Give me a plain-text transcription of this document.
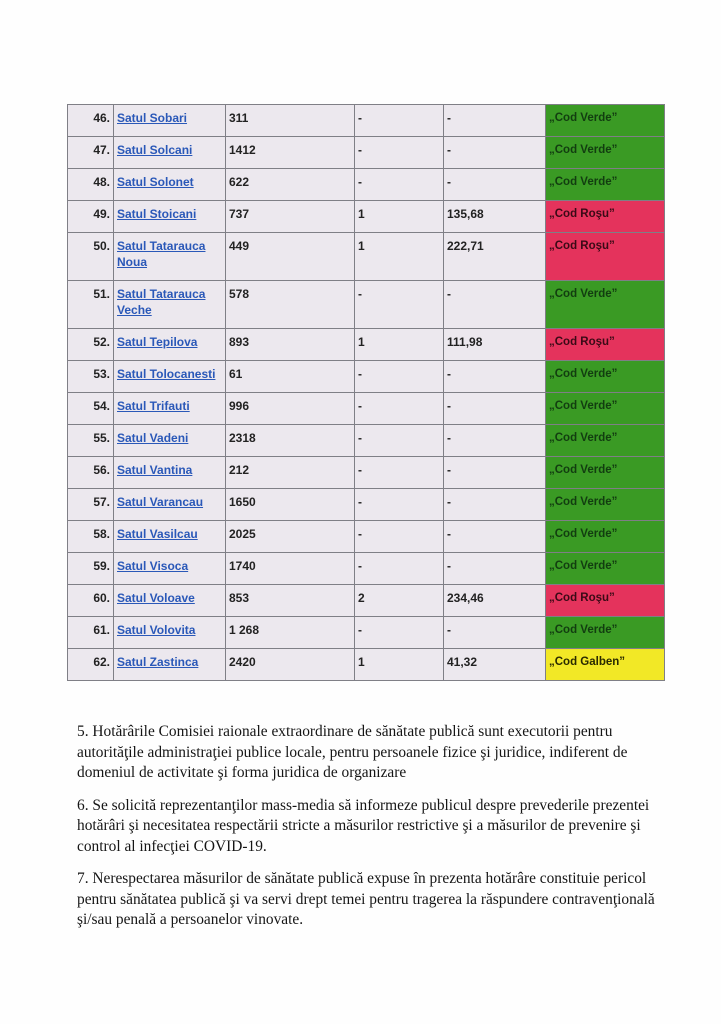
46.	Satul Sobari	311	-	-	„Cod Verde”
47.	Satul Solcani	1412	-	-	„Cod Verde”
48.	Satul Solonet	622	-	-	„Cod Verde”
49.	Satul Stoicani	737	1	135,68	„Cod Roşu”
50.	Satul Tatarauca Noua	449	1	222,71	„Cod Roşu”
51.	Satul Tatarauca Veche	578	-	-	„Cod Verde”
52.	Satul Tepilova	893	1	111,98	„Cod Roşu”
53.	Satul Tolocanesti	61	-	-	„Cod Verde”
54.	Satul Trifauti	996	-	-	„Cod Verde”
55.	Satul Vadeni	2318	-	-	„Cod Verde”
56.	Satul Vantina	212	-	-	„Cod Verde”
57.	Satul Varancau	1650	-	-	„Cod Verde”
58.	Satul Vasilcau	2025	-	-	„Cod Verde”
59.	Satul Visoca	1740	-	-	„Cod Verde”
60.	Satul Voloave	853	2	234,46	„Cod Roşu”
61.	Satul Volovita	1 268	-	-	„Cod Verde”
62.	Satul Zastinca	2420	1	41,32	„Cod Galben”

5. Hotărârile Comisiei raionale extraordinare de sănătate publică sunt executorii pentru autorităţile administraţiei publice locale, pentru persoanele fizice şi juridice, indiferent de domeniul de activitate şi forma juridica de organizare

6. Se solicită reprezentanţilor mass-media să informeze publicul despre prevederile prezentei hotărâri şi necesitatea respectării stricte a măsurilor restrictive şi a măsurilor de prevenire şi control al infecţiei COVID-19.

7. Nerespectarea măsurilor de sănătate publică expuse în prezenta hotărâre constituie pericol pentru sănătatea publică şi va servi drept temei pentru tragerea la răspundere contravenţională şi/sau penală a persoanelor vinovate.
